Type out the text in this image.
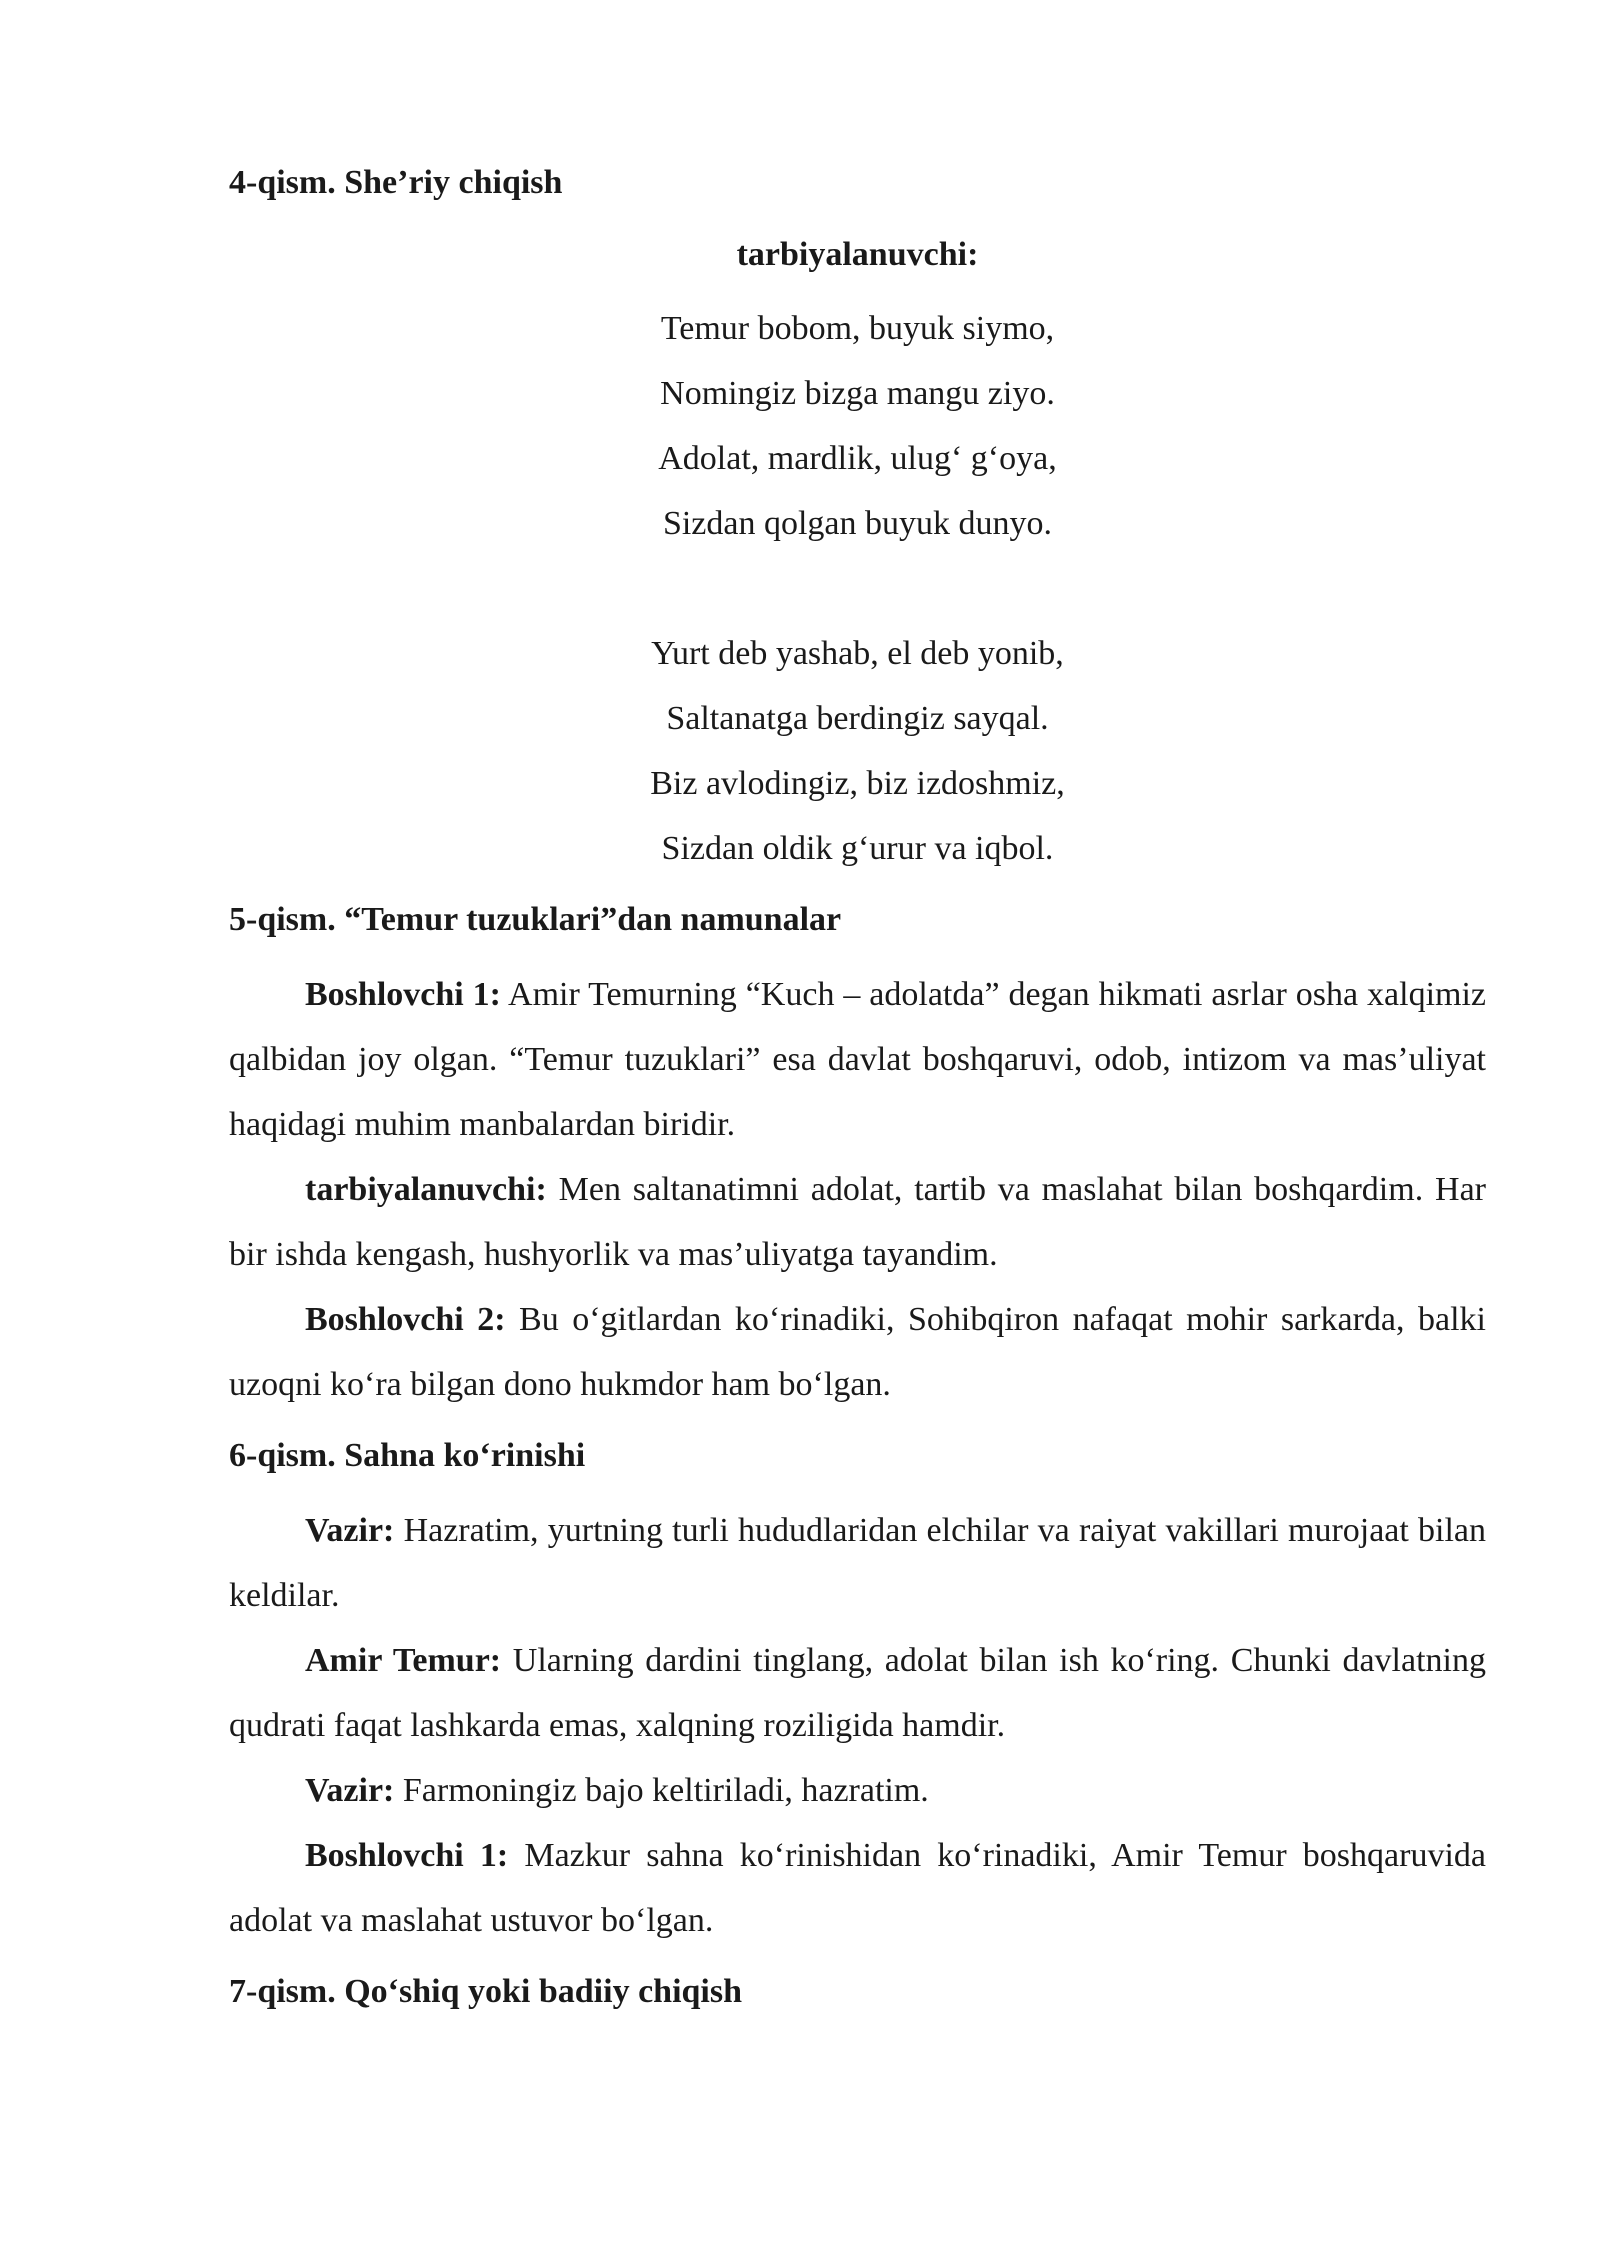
4-qism. She’riy chiqish
tarbiyalanuvchi:
Temur bobom, buyuk siymo,
Nomingiz bizga mangu ziyo.
Adolat, mardlik, ulug‘ g‘oya,
Sizdan qolgan buyuk dunyo.
Yurt deb yashab, el deb yonib,
Saltanatga berdingiz sayqal.
Biz avlodingiz, biz izdoshmiz,
Sizdan oldik g‘urur va iqbol.
5-qism. “Temur tuzuklari”dan namunalar

Boshlovchi 1: Amir Temurning “Kuch – adolatda” degan hikmati asrlar osha xalqimiz qalbidan joy olgan. “Temur tuzuklari” esa davlat boshqaruvi, odob, intizom va mas’uliyat haqidagi muhim manbalardan biridir.

tarbiyalanuvchi: Men saltanatimni adolat, tartib va maslahat bilan boshqardim. Har bir ishda kengash, hushyorlik va mas’uliyatga tayandim.

Boshlovchi 2: Bu o‘gitlardan ko‘rinadiki, Sohibqiron nafaqat mohir sarkarda, balki uzoqni ko‘ra bilgan dono hukmdor ham bo‘lgan.

6-qism. Sahna ko‘rinishi

Vazir: Hazratim, yurtning turli hududlaridan elchilar va raiyat vakillari murojaat bilan keldilar.

Amir Temur: Ularning dardini tinglang, adolat bilan ish ko‘ring. Chunki davlatning qudrati faqat lashkarda emas, xalqning roziligida hamdir.

Vazir: Farmoningiz bajo keltiriladi, hazratim.

Boshlovchi 1: Mazkur sahna ko‘rinishidan ko‘rinadiki, Amir Temur boshqaruvida adolat va maslahat ustuvor bo‘lgan.

7-qism. Qo‘shiq yoki badiiy chiqish
